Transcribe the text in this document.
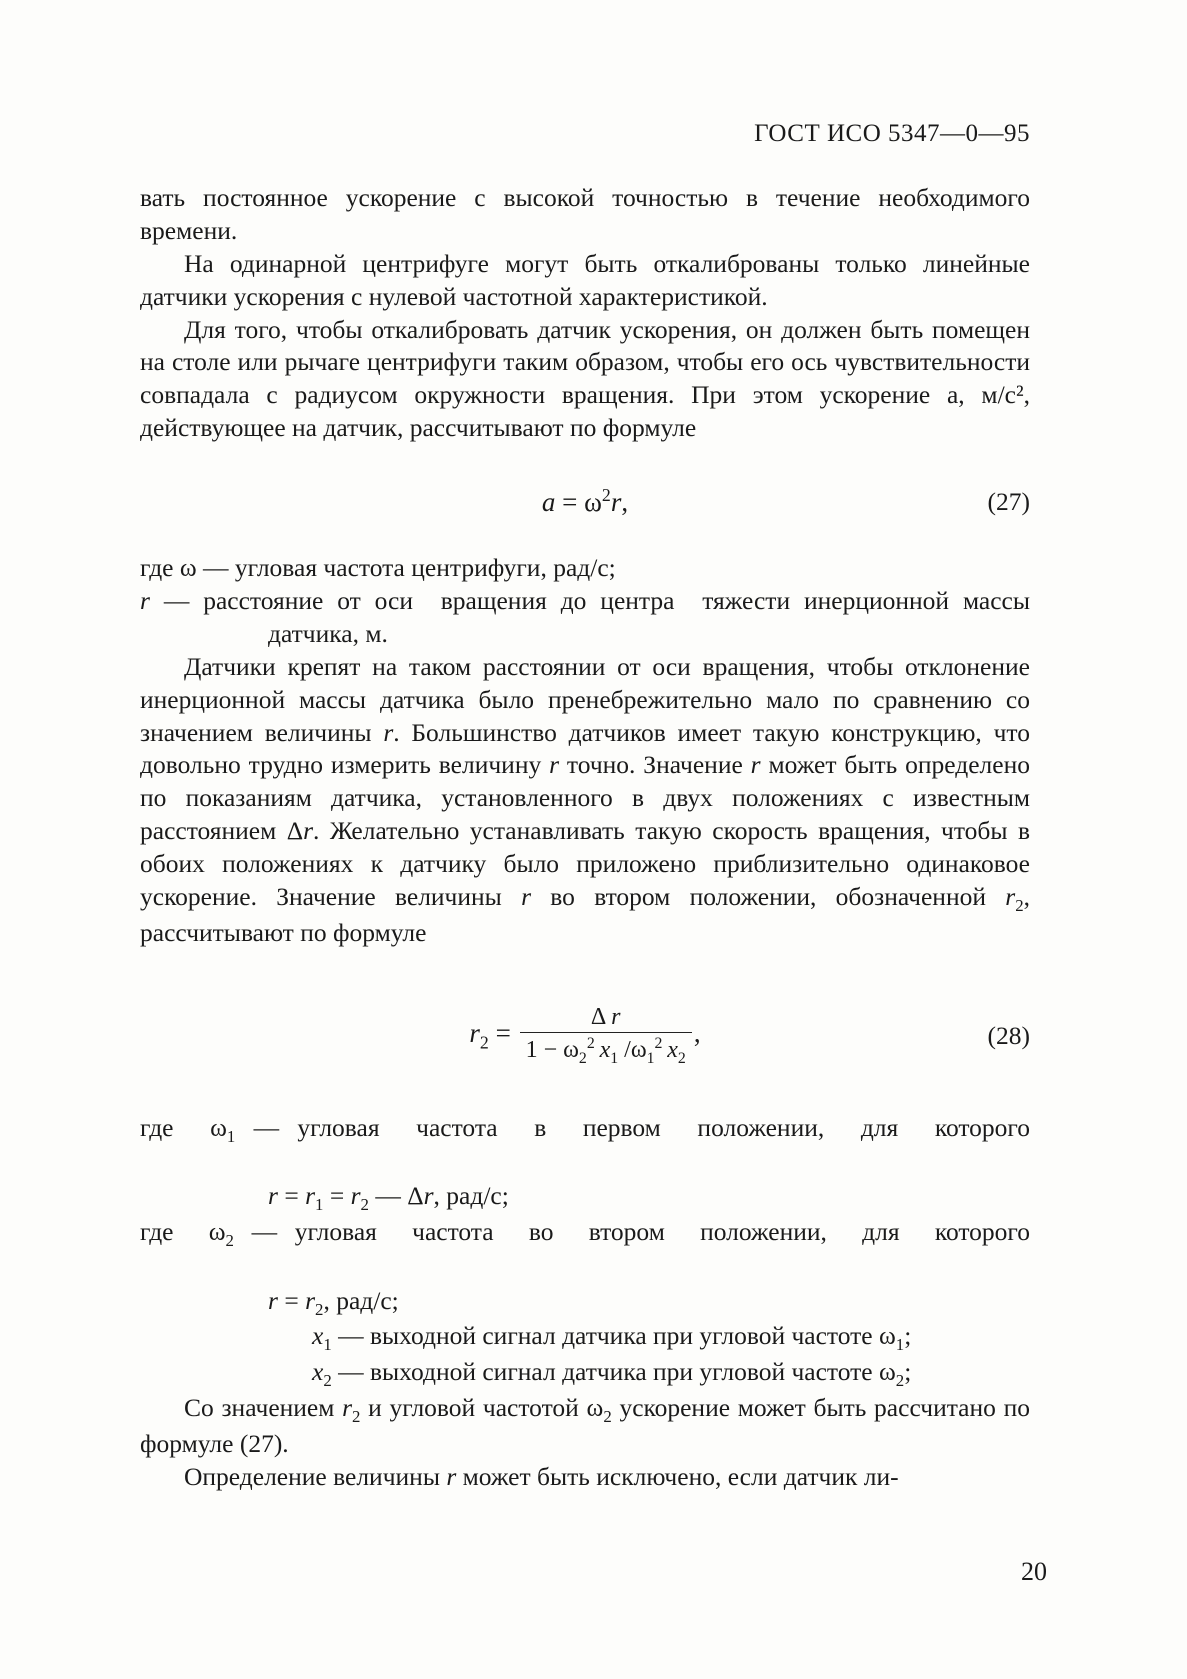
ГОСТ ИСО 5347—0—95

вать постоянное ускорение с высокой точностью в течение необходимого времени.

На одинарной центрифуге могут быть откалиброваны только линейные датчики ускорения с нулевой частотной характеристикой.

Для того, чтобы откалибровать датчик ускорения, он должен быть помещен на столе или рычаге центрифуги таким образом, чтобы его ось чувствительности совпадала с радиусом окружности вращения. При этом ускорение a, м/с², действующее на датчик, рассчитывают по формуле

$a = \omega^2r$,	(27)
где ω — угловая частота центрифуги, рад/с;
r — расстояние от оси  вращения до центра  тяжести инерционной массы датчика, м.

Датчики крепят на таком расстоянии от оси вращения, чтобы отклонение инерционной массы датчика было пренебрежительно мало по сравнению со значением величины r. Большинство датчиков имеет такую конструкцию, что довольно трудно измерить величину r точно. Значение r может быть определено по показаниям датчика, установленного в двух положениях с известным расстоянием Δr. Желательно устанавливать такую скорость вращения, чтобы в обоих положениях к датчику было приложено приблизительно одинаковое ускорение. Значение величины r во втором положении, обозначенной $r_2$, рассчитывают по формуле

$r_2 = \frac{\text{Δ r}}{1 - \omega_2^2 x_1 /\omega_1^2 x_2}$ ,	(28)
где  $\omega_1$ — угловая  частота  в  первом  положении,  для  которого
$r = r_1 = r_2$ — Δr, рад/с;
где  $\omega_2$ — угловая  частота  во  втором  положении,  для  которого
$r = r_2$, рад/с;
$x_1$ — выходной сигнал датчика при угловой частоте $\omega_1$;
$x_2$ — выходной сигнал датчика при угловой частоте $\omega_2$;

Со значением $r_2$ и угловой частотой $\omega_2$ ускорение может быть рассчитано по формуле (27).

Определение величины r может быть исключено, если датчик ли-

20
